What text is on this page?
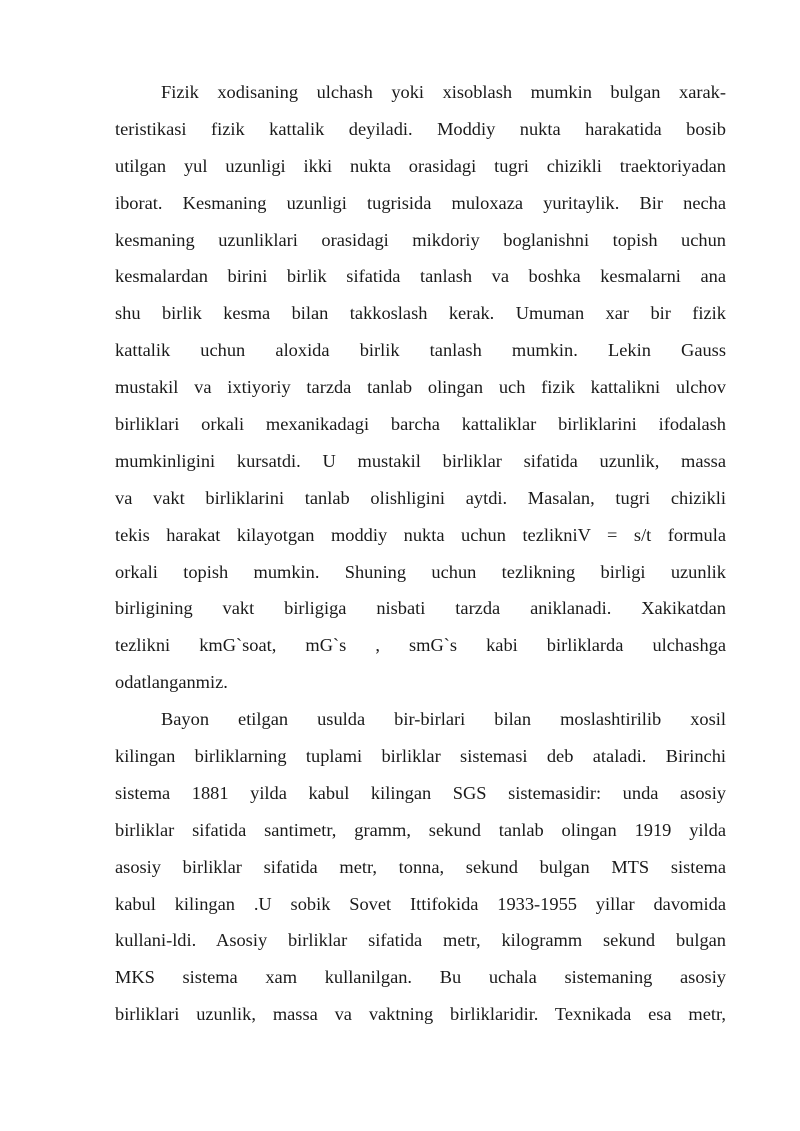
Fizik xodisaning ulchash yoki xisoblash mumkin bulgan xarak-
teristikasi fizik kattalik deyiladi. Moddiy nukta harakatida bosib
utilgan yul uzunligi ikki nukta orasidagi tugri chizikli traektoriyadan
iborat. Kesmaning uzunligi tugrisida muloxaza yuritaylik. Bir necha
kesmaning uzunliklari orasidagi mikdoriy boglanishni topish uchun
kesmalardan birini birlik sifatida tanlash va boshka kesmalarni ana
shu birlik kesma bilan takkoslash kerak. Umuman xar bir fizik
kattalik uchun aloxida birlik tanlash mumkin. Lekin Gauss
mustakil va ixtiyoriy tarzda tanlab olingan uch fizik kattalikni ulchov
birliklari orkali mexanikadagi barcha kattaliklar birliklarini ifodalash
mumkinligini kursatdi. U mustakil birliklar sifatida uzunlik, massa
va vakt birliklarini tanlab olishligini aytdi. Masalan, tugri chizikli
tekis harakat kilayotgan moddiy nukta uchun tezlikniV = s/t formula
orkali topish mumkin. Shuning uchun tezlikning birligi uzunlik
birligining vakt birligiga nisbati tarzda aniklanadi. Xakikatdan
tezlikni kmG`soat, mG`s , smG`s kabi birliklarda ulchashga
odatlanganmiz.
Bayon etilgan usulda bir-birlari bilan moslashtirilib xosil
kilingan birliklarning tuplami birliklar sistemasi deb ataladi. Birinchi
sistema 1881 yilda kabul kilingan SGS sistemasidir: unda asosiy
birliklar sifatida santimetr, gramm, sekund tanlab olingan 1919 yilda
asosiy birliklar sifatida metr, tonna, sekund bulgan MTS sistema
kabul kilingan .U sobik Sovet Ittifokida 1933-1955 yillar davomida
kullani-ldi. Asosiy birliklar sifatida metr, kilogramm sekund bulgan
MKS sistema xam kullanilgan. Bu uchala sistemaning asosiy
birliklari uzunlik, massa va vaktning birliklaridir. Texnikada esa metr,
